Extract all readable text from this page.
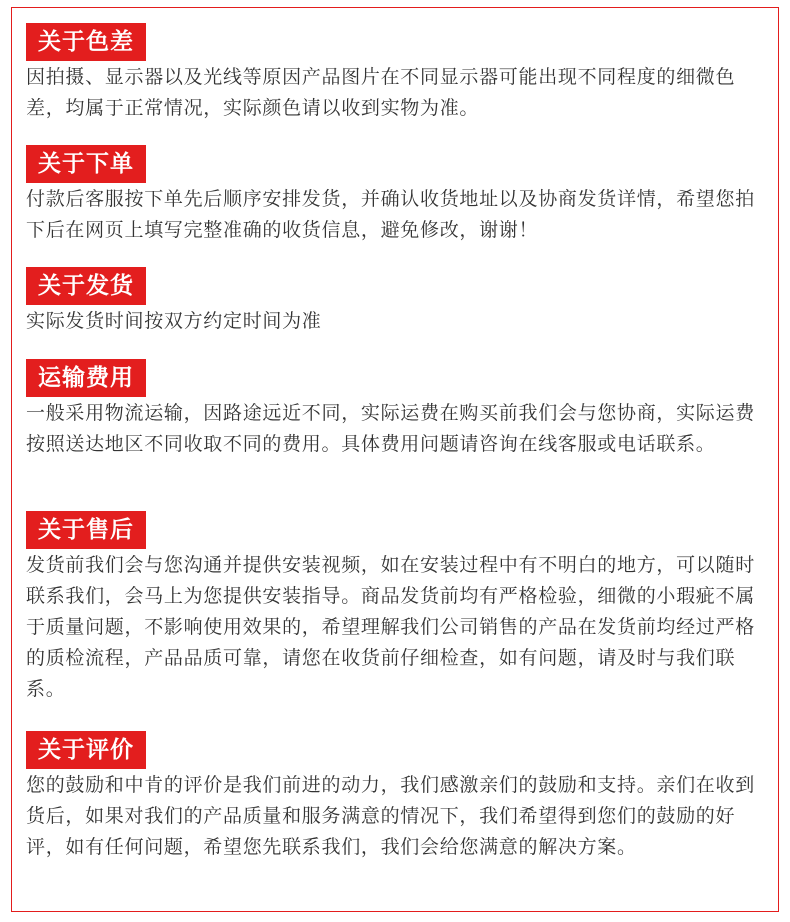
关于色差
因拍摄、显示器以及光线等原因产品图片在不同显示器可能出现不同程度的细微色差，均属于正常情况，实际颜色请以收到实物为准。
关于下单
付款后客服按下单先后顺序安排发货，并确认收货地址以及协商发货详情，希望您拍下后在网页上填写完整准确的收货信息，避免修改，谢谢！
关于发货
实际发货时间按双方约定时间为准
运输费用
一般采用物流运输，因路途远近不同，实际运费在购买前我们会与您协商，实际运费按照送达地区不同收取不同的费用。具体费用问题请咨询在线客服或电话联系。
关于售后
发货前我们会与您沟通并提供安装视频，如在安装过程中有不明白的地方，可以随时联系我们，会马上为您提供安装指导。商品发货前均有严格检验，细微的小瑕疵不属于质量问题，不影响使用效果的，希望理解我们公司销售的产品在发货前均经过严格的质检流程，产品品质可靠，请您在收货前仔细检查，如有问题，请及时与我们联系。
关于评价
您的鼓励和中肯的评价是我们前进的动力，我们感激亲们的鼓励和支持。亲们在收到货后，如果对我们的产品质量和服务满意的情况下，我们希望得到您们的鼓励的好评，如有任何问题，希望您先联系我们，我们会给您满意的解决方案。
